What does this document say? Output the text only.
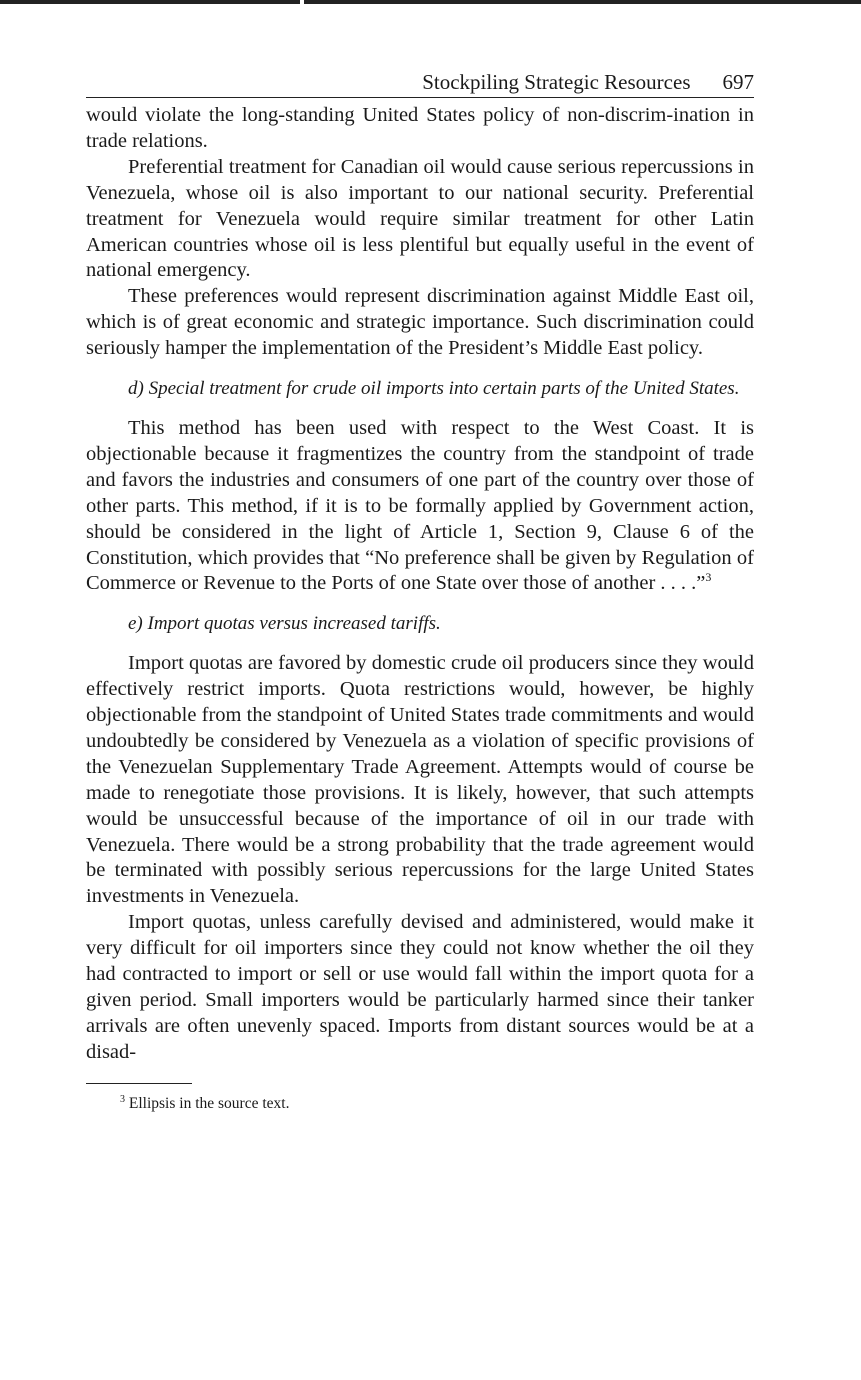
Stockpiling Strategic Resources 697

would violate the long-standing United States policy of non-discrim-ination in trade relations.

Preferential treatment for Canadian oil would cause serious repercussions in Venezuela, whose oil is also important to our national security. Preferential treatment for Venezuela would require similar treatment for other Latin American countries whose oil is less plentiful but equally useful in the event of national emergency.

These preferences would represent discrimination against Middle East oil, which is of great economic and strategic importance. Such discrimination could seriously hamper the implementation of the President’s Middle East policy.

d) Special treatment for crude oil imports into certain parts of the United States.

This method has been used with respect to the West Coast. It is objectionable because it fragmentizes the country from the standpoint of trade and favors the industries and consumers of one part of the country over those of other parts. This method, if it is to be formally applied by Government action, should be considered in the light of Article 1, Section 9, Clause 6 of the Constitution, which provides that “No preference shall be given by Regulation of Commerce or Revenue to the Ports of one State over those of another . . . .”$^3$

e) Import quotas versus increased tariffs.

Import quotas are favored by domestic crude oil producers since they would effectively restrict imports. Quota restrictions would, however, be highly objectionable from the standpoint of United States trade commitments and would undoubtedly be considered by Venezuela as a violation of specific provisions of the Venezuelan Supplementary Trade Agreement. Attempts would of course be made to renegotiate those provisions. It is likely, however, that such attempts would be unsuccessful because of the importance of oil in our trade with Venezuela. There would be a strong probability that the trade agreement would be terminated with possibly serious repercussions for the large United States investments in Venezuela.

Import quotas, unless carefully devised and administered, would make it very difficult for oil importers since they could not know whether the oil they had contracted to import or sell or use would fall within the import quota for a given period. Small importers would be particularly harmed since their tanker arrivals are often unevenly spaced. Imports from distant sources would be at a disad-

$^3$ Ellipsis in the source text.
